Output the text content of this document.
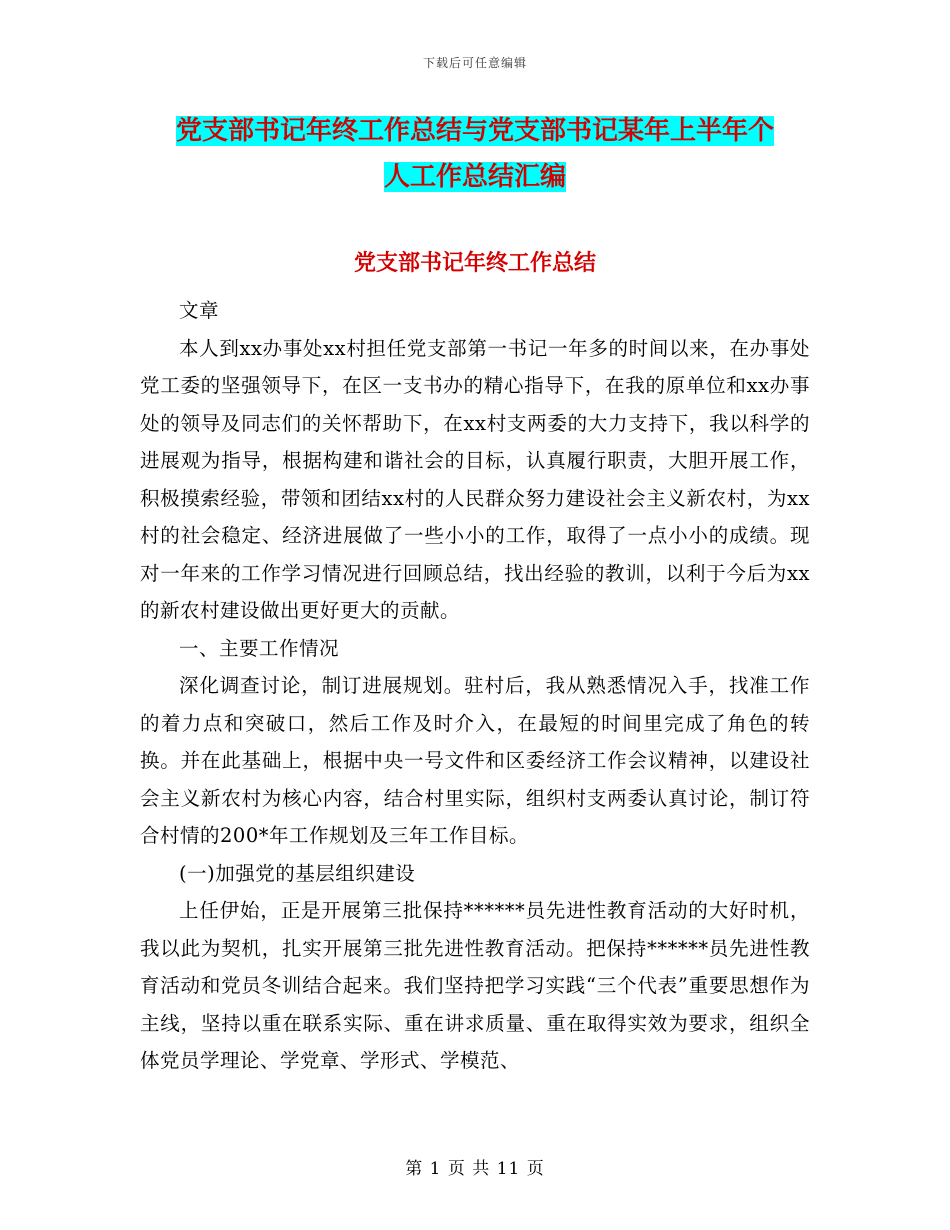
下载后可任意编辑
党支部书记年终工作总结与党支部书记某年上半年个
人工作总结汇编
党支部书记年终工作总结

文章

本人到xx办事处xx村担任党支部第一书记一年多的时间以来，在办事处党工委的坚强领导下，在区一支书办的精心指导下，在我的原单位和xx办事处的领导及同志们的关怀帮助下，在xx村支两委的大力支持下，我以科学的进展观为指导，根据构建和谐社会的目标，认真履行职责，大胆开展工作，积极摸索经验，带领和团结xx村的人民群众努力建设社会主义新农村，为xx村的社会稳定、经济进展做了一些小小的工作，取得了一点小小的成绩。现对一年来的工作学习情况进行回顾总结，找出经验的教训，以利于今后为xx的新农村建设做出更好更大的贡献。

一、主要工作情况

深化调查讨论，制订进展规划。驻村后，我从熟悉情况入手，找准工作的着力点和突破口，然后工作及时介入，在最短的时间里完成了角色的转换。并在此基础上，根据中央一号文件和区委经济工作会议精神，以建设社会主义新农村为核心内容，结合村里实际，组织村支两委认真讨论，制订符合村情的200*年工作规划及三年工作目标。

(一)加强党的基层组织建设

上任伊始，正是开展第三批保持******员先进性教育活动的大好时机，我以此为契机，扎实开展第三批先进性教育活动。把保持******员先进性教育活动和党员冬训结合起来。我们坚持把学习实践“三个代表”重要思想作为主线，坚持以重在联系实际、重在讲求质量、重在取得实效为要求，组织全体党员学理论、学党章、学形式、学模范、

第 1 页 共 11 页
